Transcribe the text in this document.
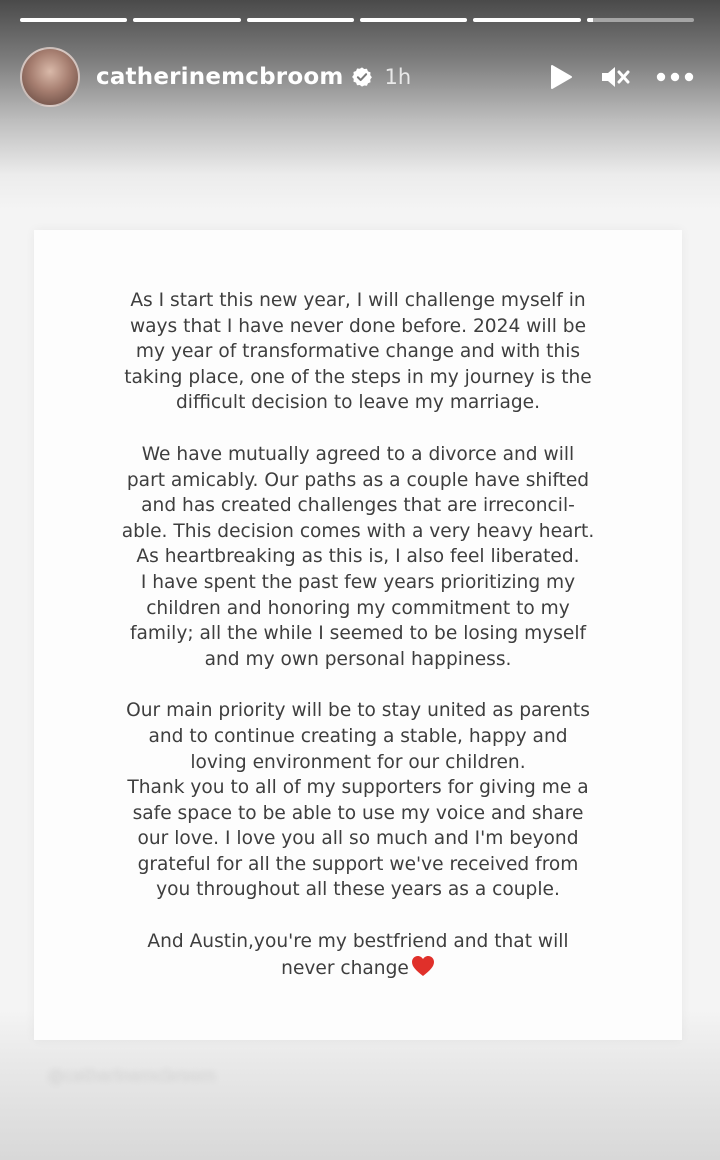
catherinemcbroom 1h

As I start this new year, I will challenge myself in
ways that I have never done before. 2024 will be
my year of transformative change and with this
taking place, one of the steps in my journey is the
difficult decision to leave my marriage.

We have mutually agreed to a divorce and will
part amicably. Our paths as a couple have shifted
and has created challenges that are irreconcil-
able. This decision comes with a very heavy heart.
As heartbreaking as this is, I also feel liberated.
I have spent the past few years prioritizing my
children and honoring my commitment to my
family; all the while I seemed to be losing myself
and my own personal happiness.

Our main priority will be to stay united as parents
and to continue creating a stable, happy and
loving environment for our children.
Thank you to all of my supporters for giving me a
safe space to be able to use my voice and share
our love. I love you all so much and I'm beyond
grateful for all the support we've received from
you throughout all these years as a couple.

And Austin,you're my bestfriend and that will
never change

@catherinemcbroom
